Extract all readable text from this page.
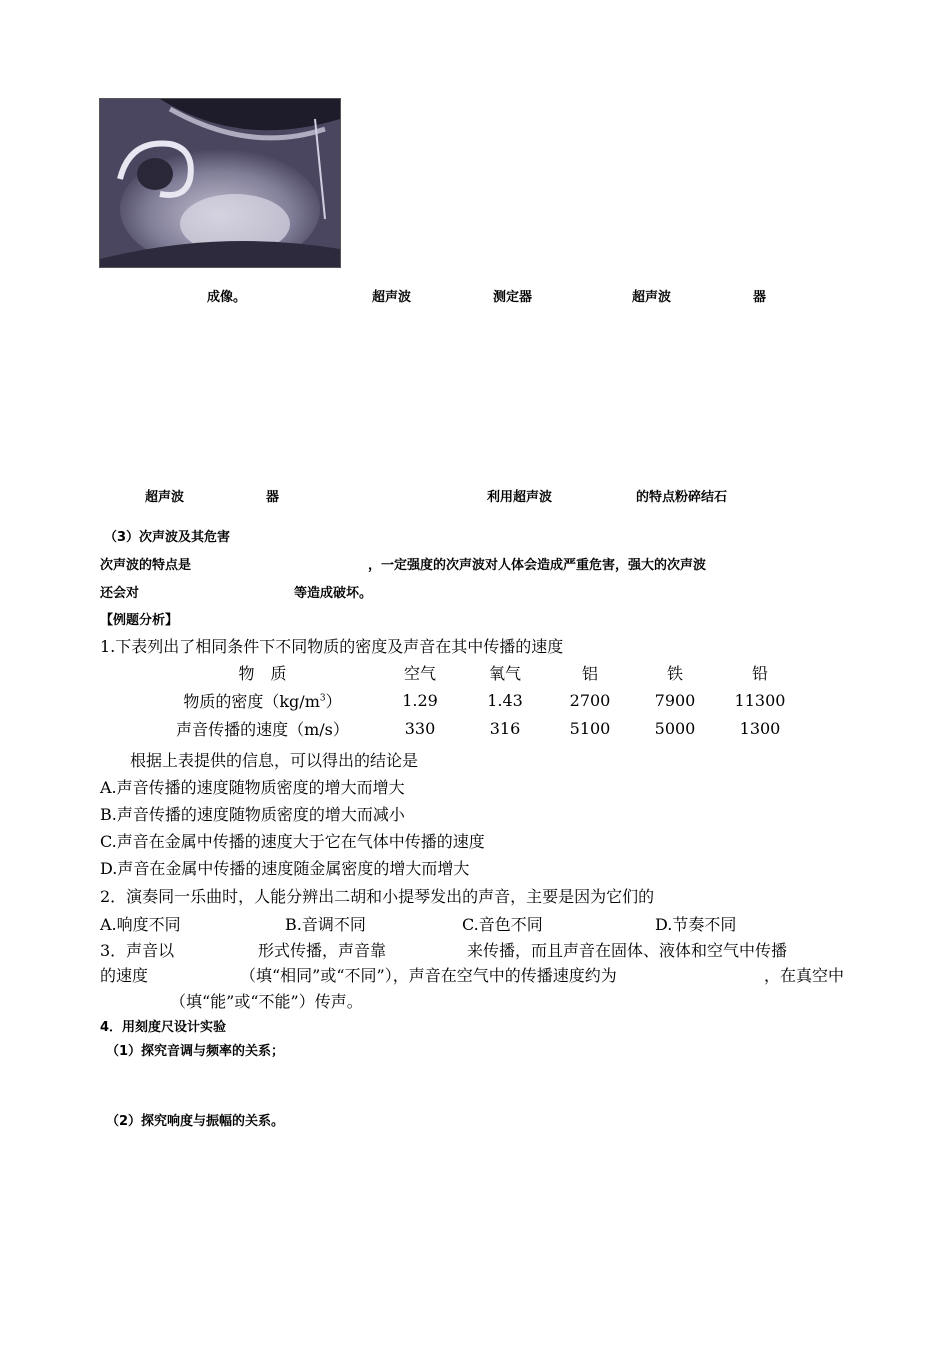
成像。	超声波	测定器	超声波	器
超声波	器	利用超声波	的特点粉碎结石
（3）次声波及其危害
次声波的特点是	，一定强度的次声波对人体会造成严重危害，强大的次声波
还会对	等造成破坏。
【例题分析】
1.下表列出了相同条件下不同物质的密度及声音在其中传播的速度
物　质	空气	氧气	铝	铁	铅
物质的密度$(kg/m^3)$	1.29	1.43	2700	7900	11300
声音传播的速度（m/s）	330	316	5100	5000	1300
根据上表提供的信息，可以得出的结论是
A.声音传播的速度随物质密度的增大而增大
B.声音传播的速度随物质密度的增大而减小
C.声音在金属中传播的速度大于它在气体中传播的速度
D.声音在金属中传播的速度随金属密度的增大而增大
2．演奏同一乐曲时，人能分辨出二胡和小提琴发出的声音，主要是因为它们的
A.响度不同	B.音调不同	C.音色不同	D.节奏不同
3．声音以	形式传播，声音靠	来传播，而且声音在固体、液体和空气中传播
的速度	（填“相同”或“不同”），声音在空气中的传播速度约为	，在真空中
（填“能”或“不能”）传声。
4．用刻度尺设计实验
（1）探究音调与频率的关系；
（2）探究响度与振幅的关系。
